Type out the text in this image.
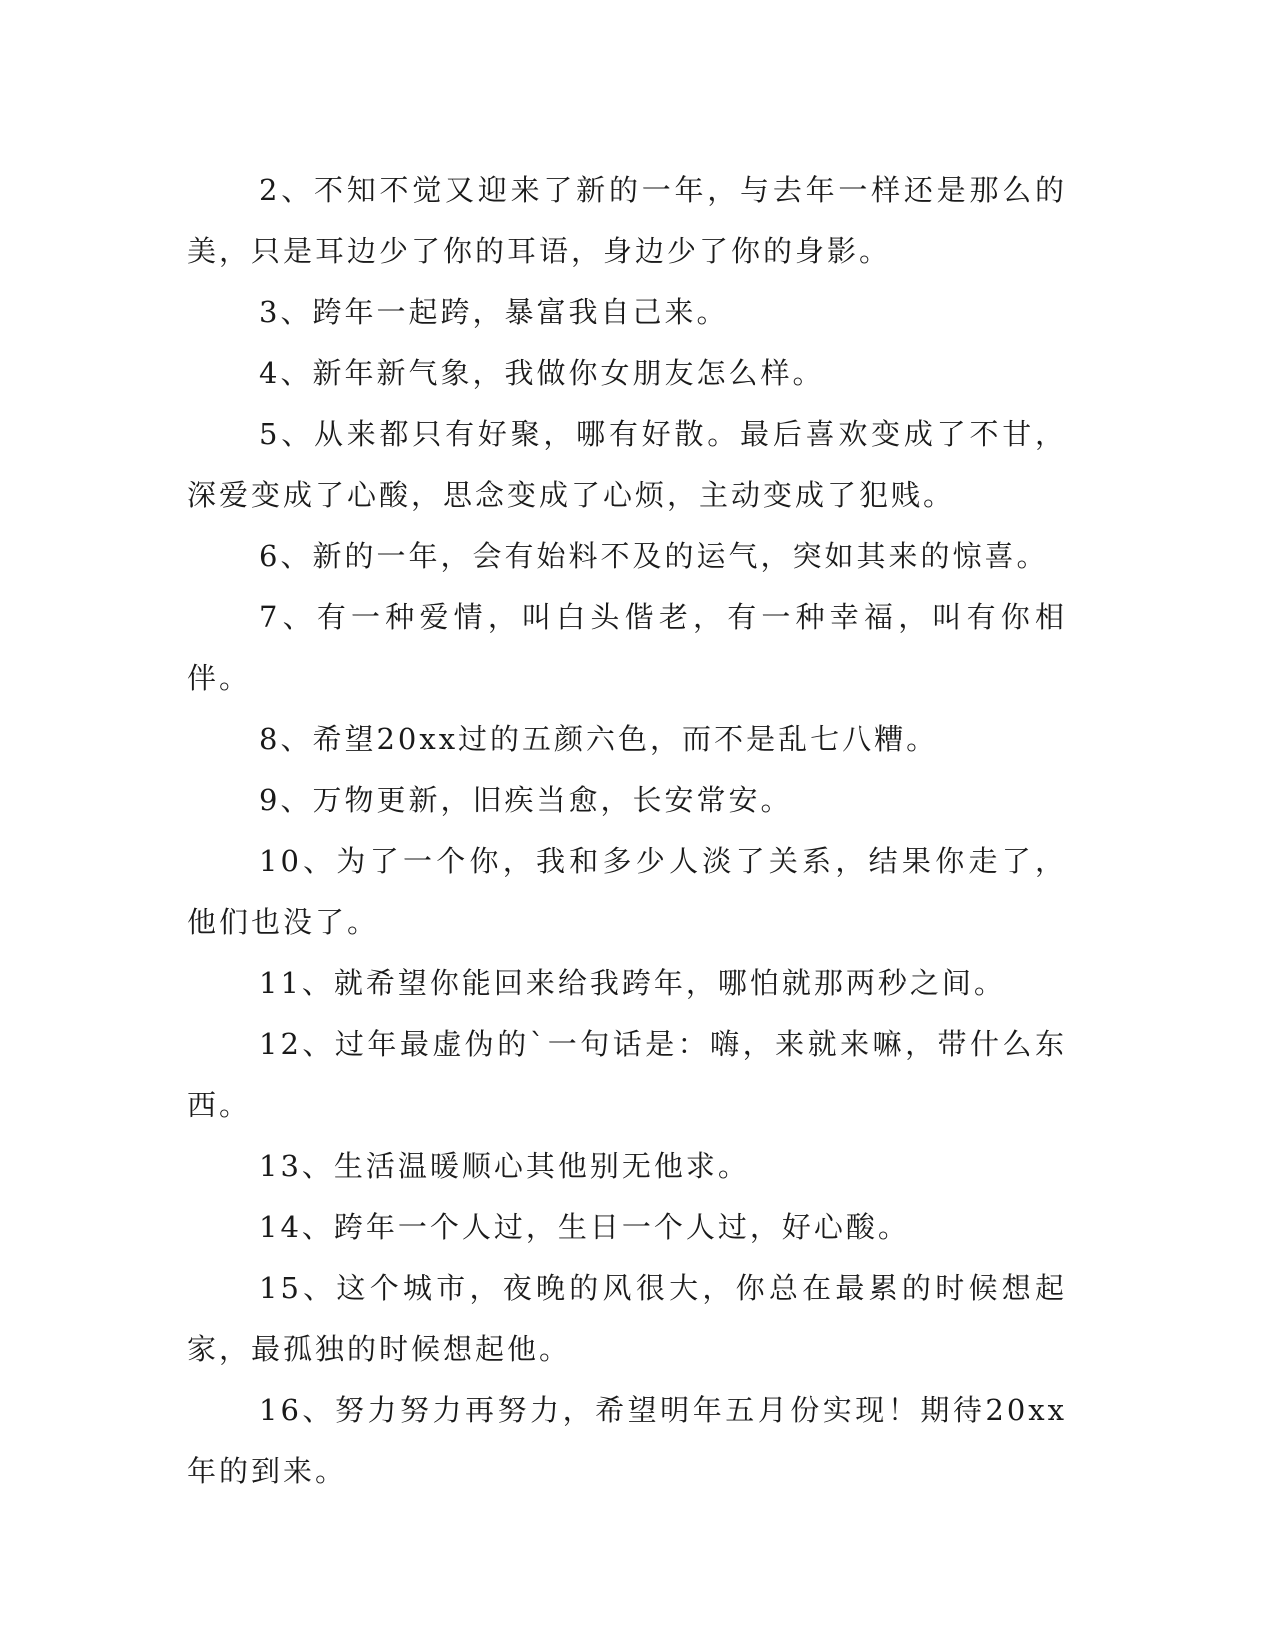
2、不知不觉又迎来了新的一年，与去年一样还是那么的美，只是耳边少了你的耳语，身边少了你的身影。

3、跨年一起跨，暴富我自己来。

4、新年新气象，我做你女朋友怎么样。

5、从来都只有好聚，哪有好散。最后喜欢变成了不甘，深爱变成了心酸，思念变成了心烦，主动变成了犯贱。

6、新的一年，会有始料不及的运气，突如其来的惊喜。

7、有一种爱情，叫白头偕老，有一种幸福，叫有你相伴。

8、希望20xx过的五颜六色，而不是乱七八糟。

9、万物更新，旧疾当愈，长安常安。

10、为了一个你，我和多少人淡了关系，结果你走了，他们也没了。

11、就希望你能回来给我跨年，哪怕就那两秒之间。

12、过年最虚伪的`一句话是：嗨，来就来嘛，带什么东西。

13、生活温暖顺心其他别无他求。

14、跨年一个人过，生日一个人过，好心酸。

15、这个城市，夜晚的风很大，你总在最累的时候想起家，最孤独的时候想起他。

16、努力努力再努力，希望明年五月份实现！期待20xx年的到来。
